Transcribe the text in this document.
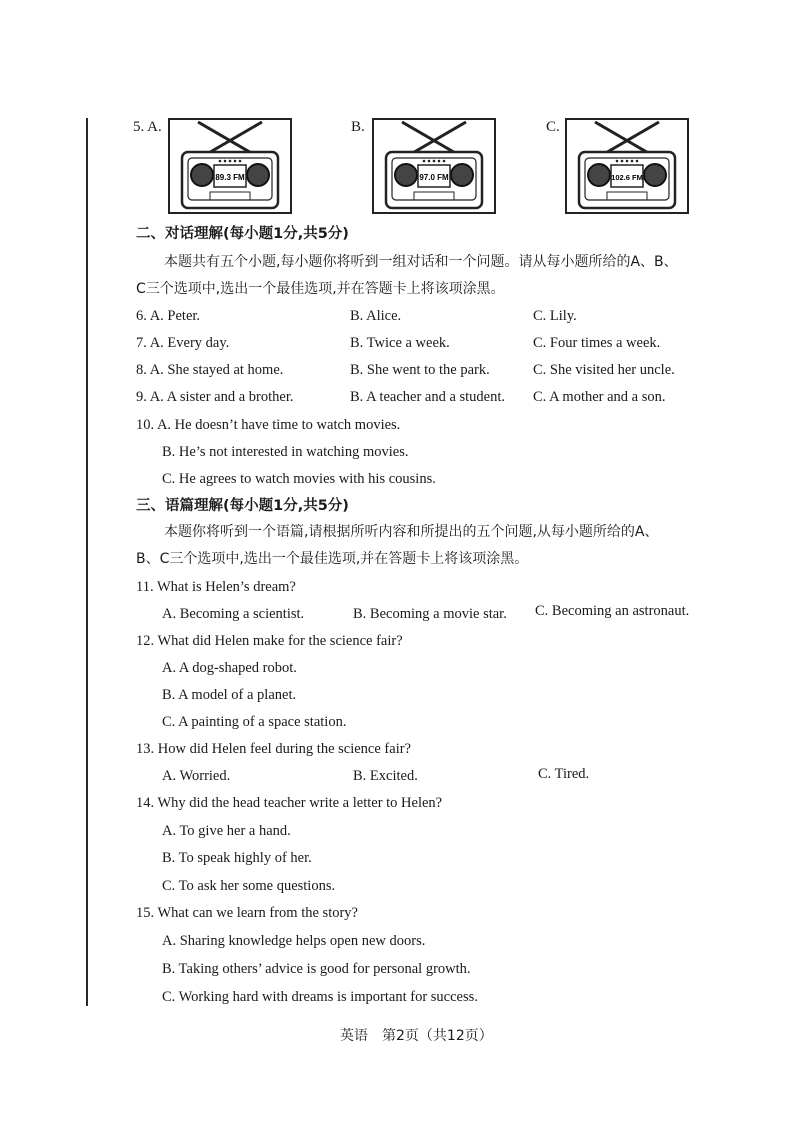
5. A.	B.	C.
89.3 FM	97.0 FM	102.6 FM
二、对话理解(每小题1分,共5分)
本题共有五个小题,每小题你将听到一组对话和一个问题。请从每小题所给的A、B、
C三个选项中,选出一个最佳选项,并在答题卡上将该项涂黑。
6. A. Peter.	B. Alice.	C. Lily.
7. A. Every day.	B. Twice a week.	C. Four times a week.
8. A. She stayed at home.	B. She went to the park.	C. She visited her uncle.
9. A. A sister and a brother.	B. A teacher and a student. C. A mother and a son.
10. A. He doesn’t have time to watch movies.
B. He’s not interested in watching movies.
C. He agrees to watch movies with his cousins.
三、语篇理解(每小题1分,共5分)
本题你将听到一个语篇,请根据所听内容和所提出的五个问题,从每小题所给的A、
B、C三个选项中,选出一个最佳选项,并在答题卡上将该项涂黑。
11. What is Helen’s dream?
A. Becoming a scientist.	B. Becoming a movie star. C. Becoming an astronaut.
12. What did Helen make for the science fair?
A. A dog-shaped robot.
B. A model of a planet.
C. A painting of a space station.
13. How did Helen feel during the science fair?
A. Worried.	B. Excited.	C. Tired.
14. Why did the head teacher write a letter to Helen?
A. To give her a hand.
B. To speak highly of her.
C. To ask her some questions.
15. What can we learn from the story?
A. Sharing knowledge helps open new doors.
B. Taking others’ advice is good for personal growth.
C. Working hard with dreams is important for success.
英语　第2页（共12页）
